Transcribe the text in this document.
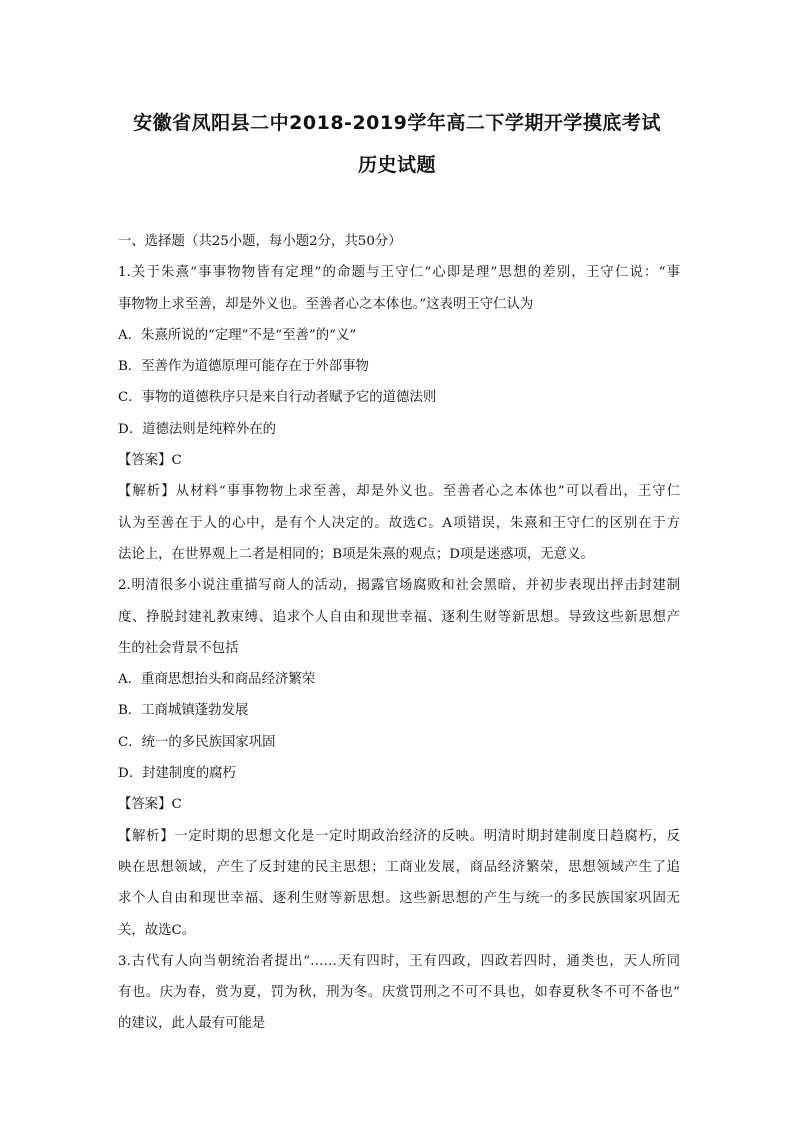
安徽省凤阳县二中2018-2019学年高二下学期开学摸底考试
历史试题
一、选择题（共25小题，每小题2分，共50分）
1.关于朱熹“事事物物皆有定理”的命题与王守仁“心即是理”思想的差别，王守仁说：“事
事物物上求至善，却是外义也。至善者心之本体也。”这表明王守仁认为
A．朱熹所说的“定理”不是“至善”的“义”
B．至善作为道德原理可能存在于外部事物
C．事物的道德秩序只是来自行动者赋予它的道德法则
D．道德法则是纯粹外在的
【答案】C
【解析】从材料“事事物物上求至善，却是外义也。至善者心之本体也”可以看出，王守仁
认为至善在于人的心中，是有个人决定的。故选C。A项错误，朱熹和王守仁的区别在于方
法论上，在世界观上二者是相同的；B项是朱熹的观点；D项是迷惑项，无意义。
2.明清很多小说注重描写商人的活动，揭露官场腐败和社会黑暗，并初步表现出抨击封建制
度、挣脱封建礼教束缚、追求个人自由和现世幸福、逐利生财等新思想。导致这些新思想产
生的社会背景不包括
A．重商思想抬头和商品经济繁荣
B．工商城镇蓬勃发展
C．统一的多民族国家巩固
D．封建制度的腐朽
【答案】C
【解析】一定时期的思想文化是一定时期政治经济的反映。明清时期封建制度日趋腐朽，反
映在思想领域，产生了反封建的民主思想；工商业发展，商品经济繁荣，思想领域产生了追
求个人自由和现世幸福、逐利生财等新思想。这些新思想的产生与统一的多民族国家巩固无
关，故选C。
3.古代有人向当朝统治者提出“……天有四时，王有四政，四政若四时，通类也，天人所同
有也。庆为春，赏为夏，罚为秋，刑为冬。庆赏罚刑之不可不具也，如春夏秋冬不可不备也”
的建议，此人最有可能是
